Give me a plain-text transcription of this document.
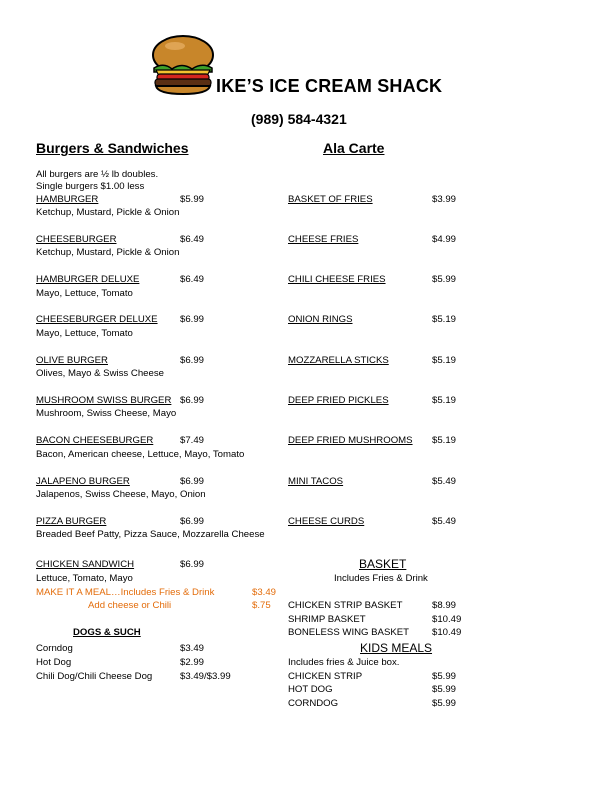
IKE’S ICE CREAM SHACK
(989) 584-4321
Burgers & Sandwiches	Ala Carte
All burgers are ½ lb doubles.
Single burgers $1.00 less
HAMBURGER	$5.99
Ketchup, Mustard, Pickle & Onion
CHEESEBURGER	$6.49
Ketchup, Mustard, Pickle & Onion
HAMBURGER DELUXE	$6.49
Mayo, Lettuce, Tomato
CHEESEBURGER DELUXE $6.99
Mayo, Lettuce, Tomato
OLIVE BURGER	$6.99
Olives, Mayo & Swiss Cheese
MUSHROOM SWISS BURGER $6.99
Mushroom, Swiss Cheese, Mayo
BACON CHEESEBURGER	$7.49
Bacon, American cheese, Lettuce, Mayo, Tomato
JALAPENO BURGER	$6.99
Jalapenos, Swiss Cheese, Mayo, Onion
PIZZA BURGER	$6.99
Breaded Beef Patty, Pizza Sauce, Mozzarella Cheese
CHICKEN SANDWICH	$6.99
Lettuce, Tomato, Mayo
MAKE IT A MEAL…Includes Fries & Drink	$3.49
Add cheese or Chili	$.75
DOGS & SUCH
Corndog	$3.49
Hot Dog	$2.99
Chili Dog/Chili Cheese Dog	$3.49/$3.99
BASKET OF FRIES	$3.99
CHEESE FRIES	$4.99
CHILI CHEESE FRIES	$5.99
ONION RINGS	$5.19
MOZZARELLA STICKS	$5.19
DEEP FRIED PICKLES	$5.19
DEEP FRIED MUSHROOMS $5.19
MINI TACOS	$5.49
CHEESE CURDS	$5.49
BASKET
Includes Fries & Drink
CHICKEN STRIP BASKET	$8.99
SHRIMP BASKET	$10.49
BONELESS WING BASKET $10.49
KIDS MEALS
Includes fries & Juice box.
CHICKEN STRIP	$5.99
HOT DOG	$5.99
CORNDOG	$5.99
